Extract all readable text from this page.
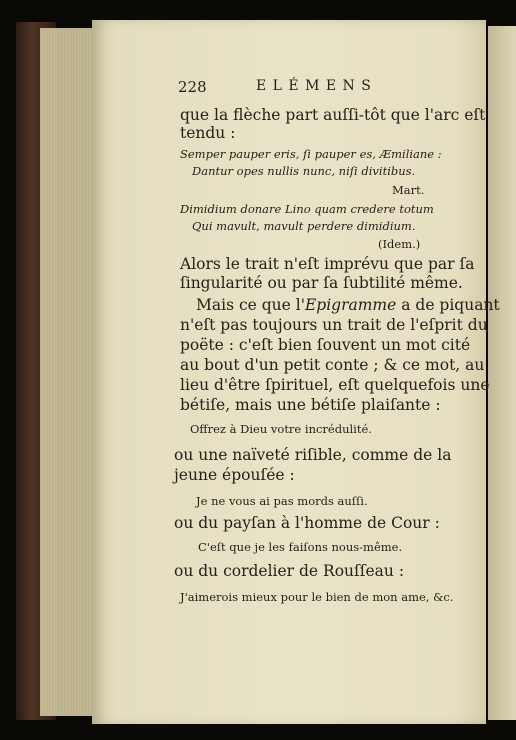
228	E L É M E N S
que la flèche part auſſi-tôt que l'arc eſt
tendu :
Semper pauper eris, ſi pauper es, Æmiliane :
Dantur opes nullis nunc, niſi divitibus.
Mart.
Dimidium donare Lino quam credere totum
Qui mavult, mavult perdere dimidium.
(Idem.)
Alors le trait n'eſt imprévu que par ſa
ſingularité ou par ſa ſubtilité même.
Mais ce que l'Epigramme a de piquant
n'eſt pas toujours un trait de l'eſprit du
poëte : c'eſt bien ſouvent un mot cité
au bout d'un petit conte ; & ce mot, au
lieu d'être ſpirituel, eſt quelquefois une
bétiſe, mais une bétiſe plaiſante :
Offrez à Dieu votre incrédulité.
ou une naïveté riſible, comme de la
jeune épouſée :
Je ne vous ai pas mords auſſi.
ou du payſan à l'homme de Cour :
C'eſt que je les faiſons nous-même.
ou du cordelier de Rouſſeau :
J'aimerois mieux pour le bien de mon ame, &c.
